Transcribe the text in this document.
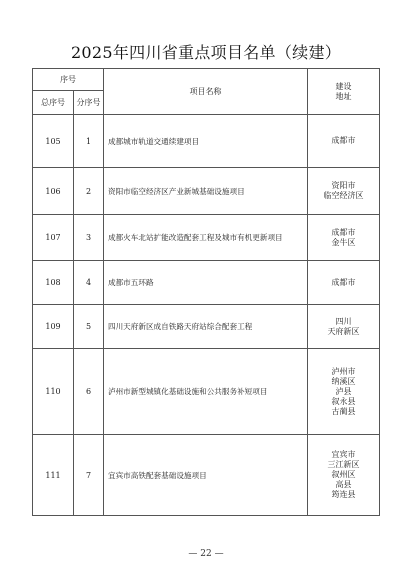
2025年四川省重点项目名单（续建）
序号		项目名称	建设
地址

总序号	分序号		
105	1	成都城市轨道交通续建项目	成都市

106	2	资阳市临空经济区产业新城基础设施项目	资阳市
临空经济区

107	3	成都火车北站扩能改造配套工程及城市有机更新项目	成都市
金牛区

108	4	成都市五环路	成都市

109	5	四川天府新区成自铁路天府站综合配套工程	四川
天府新区

110	6	泸州市新型城镇化基础设施和公共服务补短项目	泸州市
纳溪区
泸县
叙永县
古蔺县

111	7	宜宾市高铁配套基础设施项目	宜宾市
三江新区
叙州区
高县
筠连县
— 22 —
